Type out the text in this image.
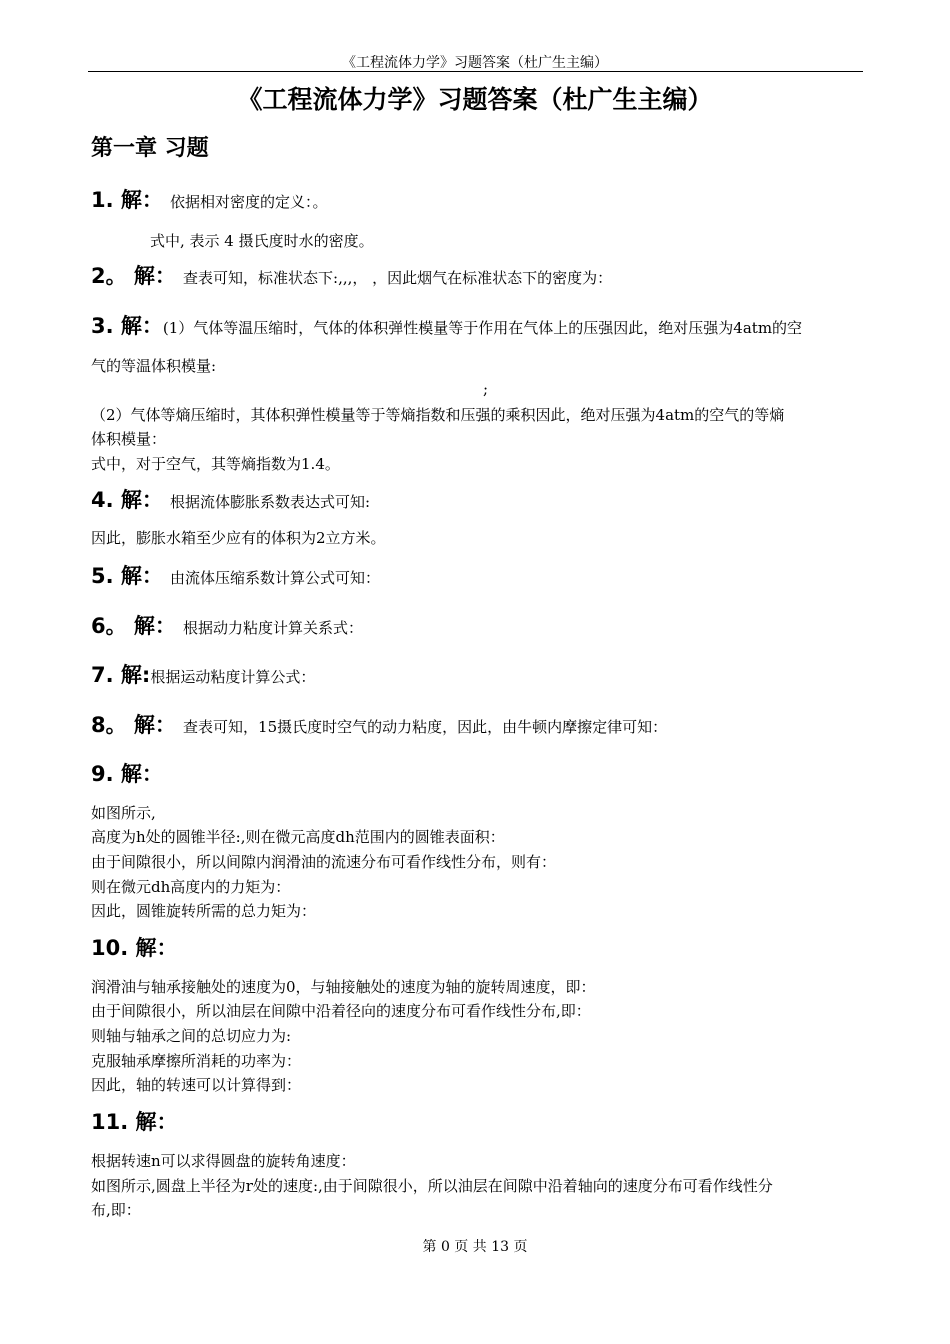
《工程流体力学》习题答案（杜广生主编）
《工程流体力学》习题答案（杜广生主编）
第一章 习题
1. 解： 依据相对密度的定义：。
式中, 表示 4 摄氏度时水的密度。
2。 解： 查表可知，标准状态下:,,,， ，因此烟气在标准状态下的密度为：
3. 解：(1）气体等温压缩时，气体的体积弹性模量等于作用在气体上的压强因此，绝对压强为4atm的空
气的等温体积模量:
;
（2）气体等熵压缩时，其体积弹性模量等于等熵指数和压强的乘积因此，绝对压强为4atm的空气的等熵
体积模量：
式中，对于空气，其等熵指数为1.4。
4. 解： 根据流体膨胀系数表达式可知:
因此，膨胀水箱至少应有的体积为2立方米。
5. 解： 由流体压缩系数计算公式可知：
6。 解： 根据动力粘度计算关系式：
7. 解:根据运动粘度计算公式：
8。 解： 查表可知，15摄氏度时空气的动力粘度，因此，由牛顿内摩擦定律可知：
9. 解：
如图所示,
高度为h处的圆锥半径:,则在微元高度dh范围内的圆锥表面积：
由于间隙很小，所以间隙内润滑油的流速分布可看作线性分布，则有：
则在微元dh高度内的力矩为：
因此，圆锥旋转所需的总力矩为：
10. 解：
润滑油与轴承接触处的速度为0，与轴接触处的速度为轴的旋转周速度，即：
由于间隙很小，所以油层在间隙中沿着径向的速度分布可看作线性分布,即：
则轴与轴承之间的总切应力为:
克服轴承摩擦所消耗的功率为：
因此，轴的转速可以计算得到：
11. 解：
根据转速n可以求得圆盘的旋转角速度：
如图所示,圆盘上半径为r处的速度:,由于间隙很小，所以油层在间隙中沿着轴向的速度分布可看作线性分
布,即：
第 0 页 共 13 页
